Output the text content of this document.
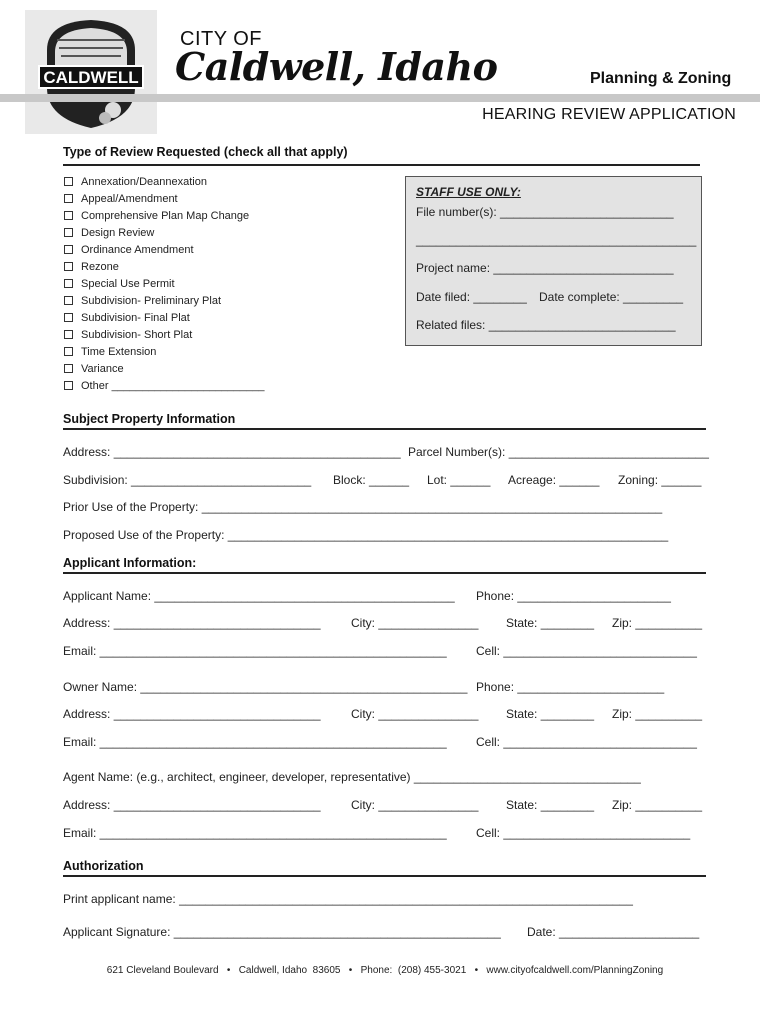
CALDWELL
CITY OF
Caldwell, Idaho	Planning & Zoning
HEARING REVIEW APPLICATION
Type of Review Requested (check all that apply)
Annexation/Deannexation
Appeal/Amendment
Comprehensive Plan Map Change
Design Review
Ordinance Amendment
Rezone
Special Use Permit
Subdivision- Preliminary Plat
Subdivision- Final Plat
Subdivision- Short Plat
Time Extension
Variance
Other _________________________
STAFF USE ONLY:
File number(s): __________________________
__________________________________________
Project name: ___________________________
Date filed: ________ Date complete: _________
Related files: ____________________________
Subject Property Information
Address: ___________________________________________ Parcel Number(s): ______________________________
Subdivision: ___________________________ Block: ______ Lot: ______ Acreage: ______ Zoning: ______
Prior Use of the Property: _____________________________________________________________________
Proposed Use of the Property: __________________________________________________________________
Applicant Information:
Applicant Name: _____________________________________________ Phone: _______________________
Address: _______________________________	City: _______________ State: ________ Zip: __________
Email: ____________________________________________________ Cell: _____________________________
Owner Name: _________________________________________________ Phone: ______________________
Address: _______________________________	City: _______________ State: ________ Zip: __________
Email: ____________________________________________________ Cell: _____________________________
Agent Name: (e.g., architect, engineer, developer, representative) __________________________________
Address: _______________________________	City: _______________ State: ________ Zip: __________
Email: ____________________________________________________ Cell: ____________________________
Authorization
Print applicant name: ____________________________________________________________________
Applicant Signature: _________________________________________________ Date: _____________________
621 Cleveland Boulevard   •   Caldwell, Idaho  83605   •   Phone:  (208) 455-3021   •   www.cityofcaldwell.com/PlanningZoning
